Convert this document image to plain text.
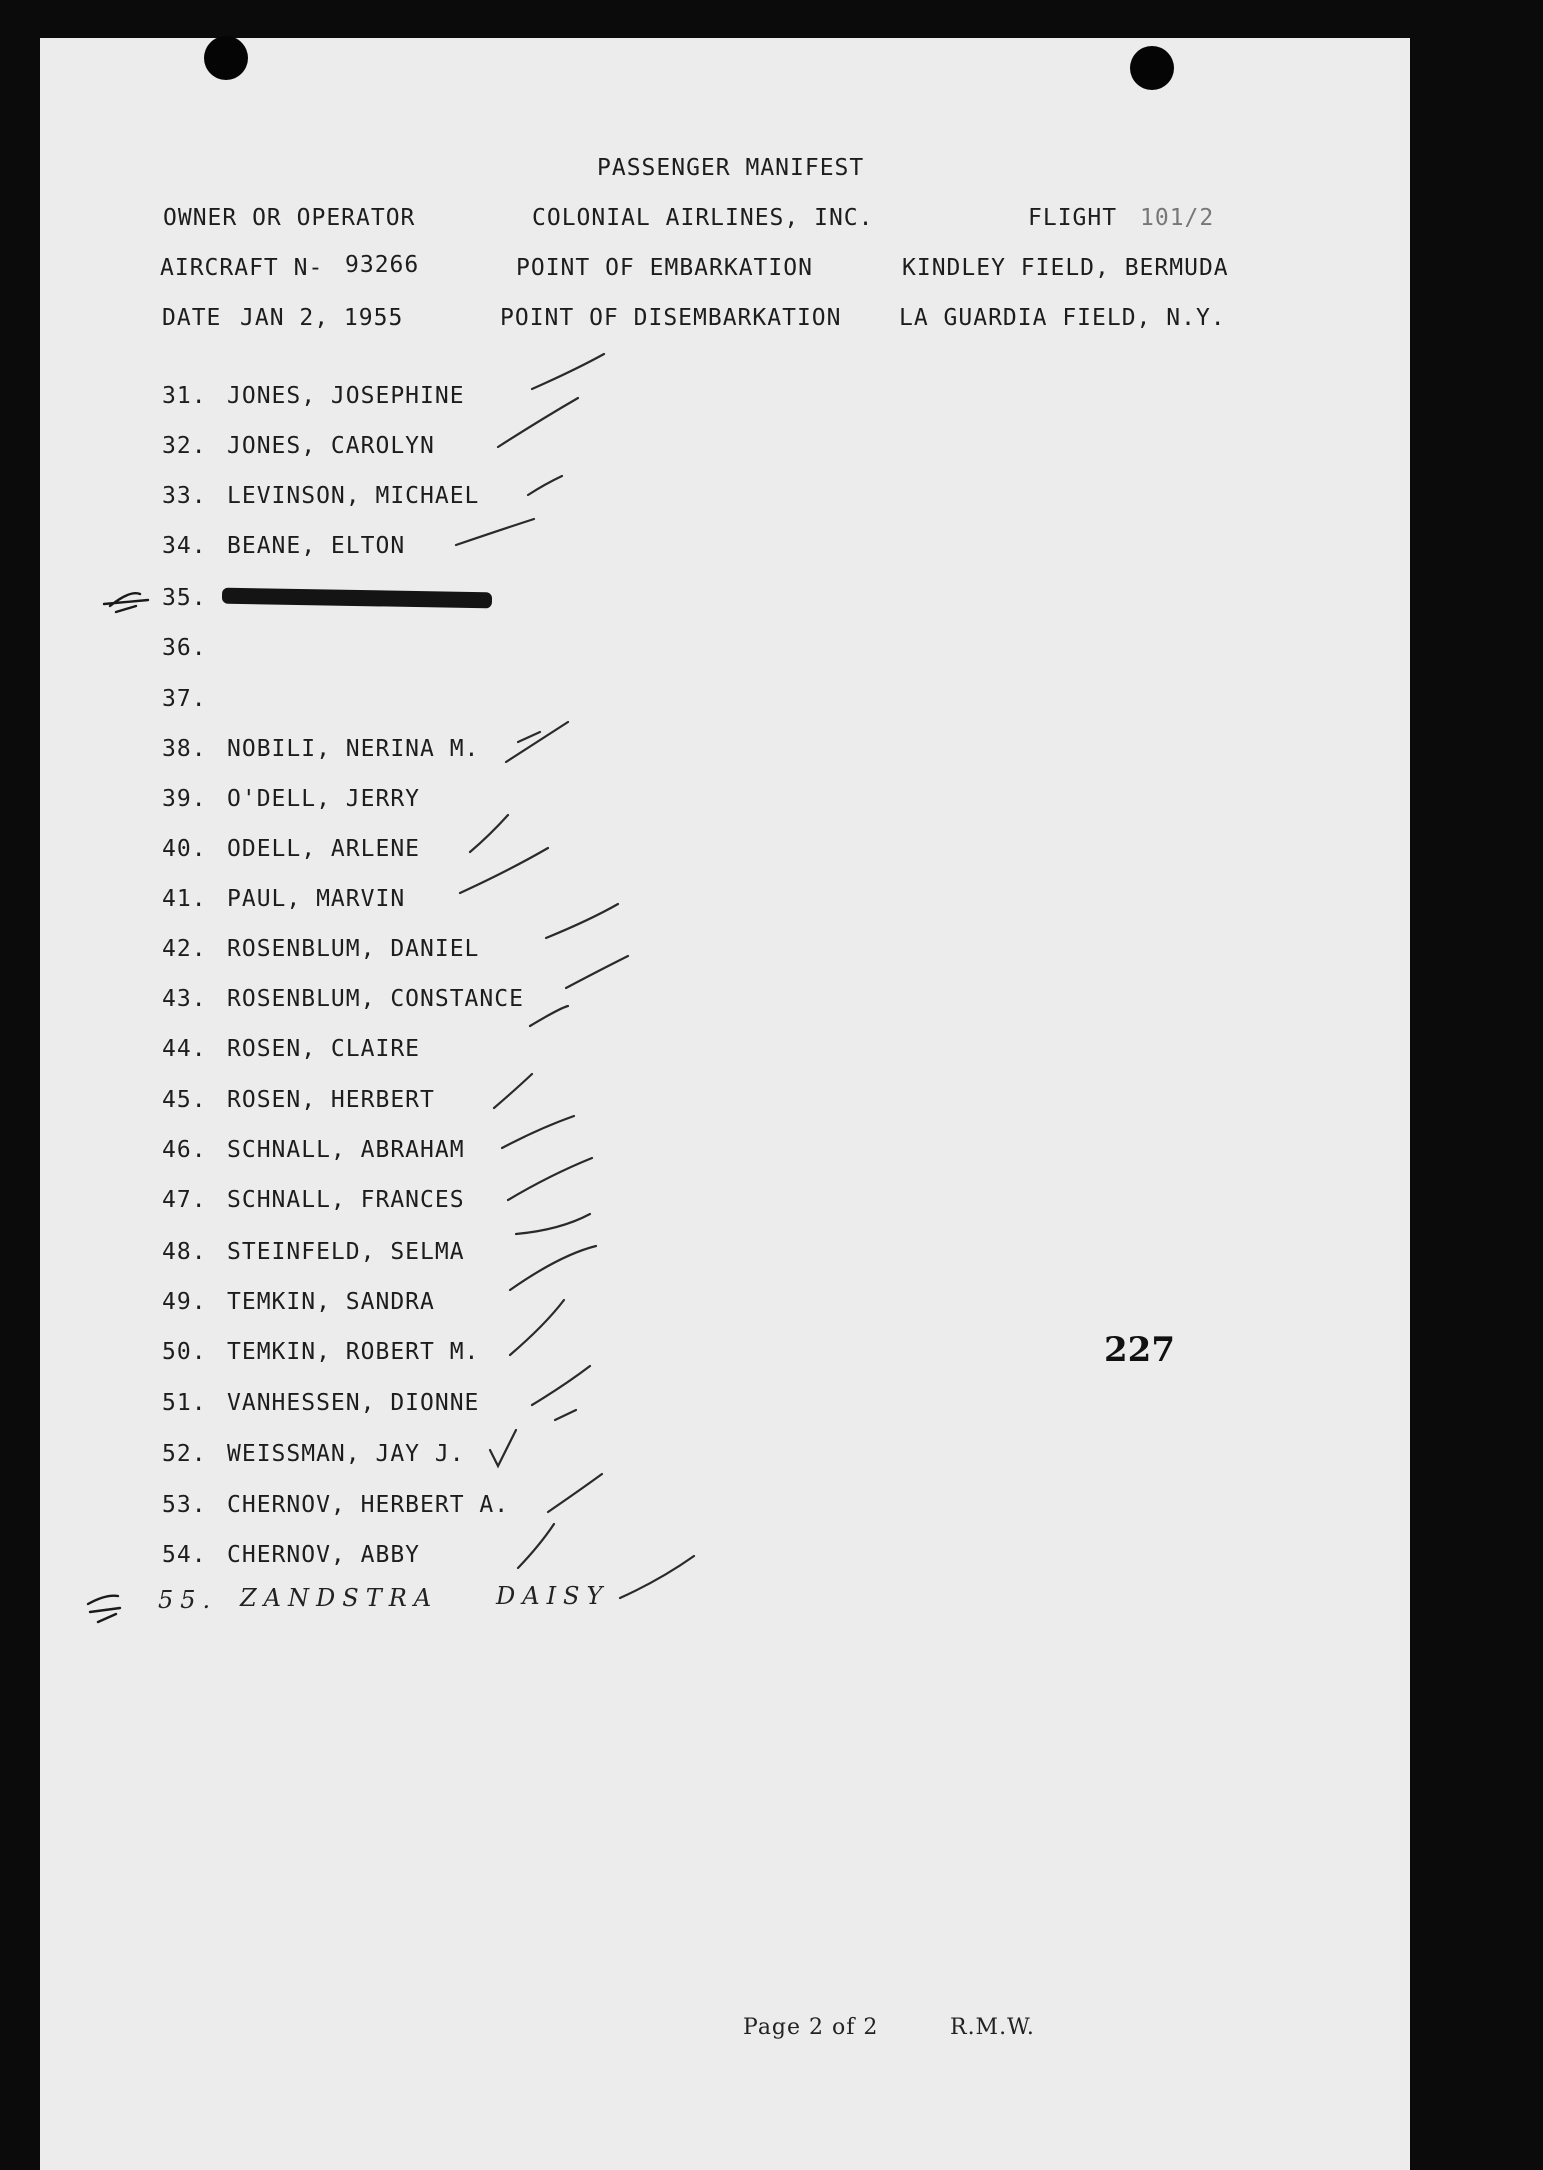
PASSENGER MANIFEST
OWNER OR OPERATOR	COLONIAL AIRLINES, INC.	FLIGHT 101/2
AIRCRAFT N- 93266	POINT OF EMBARKATION	KINDLEY FIELD, BERMUDA
DATE JAN 2, 1955	POINT OF DISEMBARKATION	LA GUARDIA FIELD, N.Y.
31. JONES, JOSEPHINE
32. JONES, CAROLYN
33. LEVINSON, MICHAEL
34. BEANE, ELTON
35.
36.
37.
38. NOBILI, NERINA M.
39. O'DELL, JERRY
40. ODELL, ARLENE
41. PAUL, MARVIN
42. ROSENBLUM, DANIEL
43. ROSENBLUM, CONSTANCE
44. ROSEN, CLAIRE
45. ROSEN, HERBERT
46. SCHNALL, ABRAHAM
47. SCHNALL, FRANCES
48. STEINFELD, SELMA
49. TEMKIN, SANDRA
50. TEMKIN, ROBERT M.
51. VANHESSEN, DIONNE
52. WEISSMAN, JAY J.
53. CHERNOV, HERBERT A.
54. CHERNOV, ABBY
55. ZANDSTRA DAISY
227
Page 2 of 2	R.M.W.
